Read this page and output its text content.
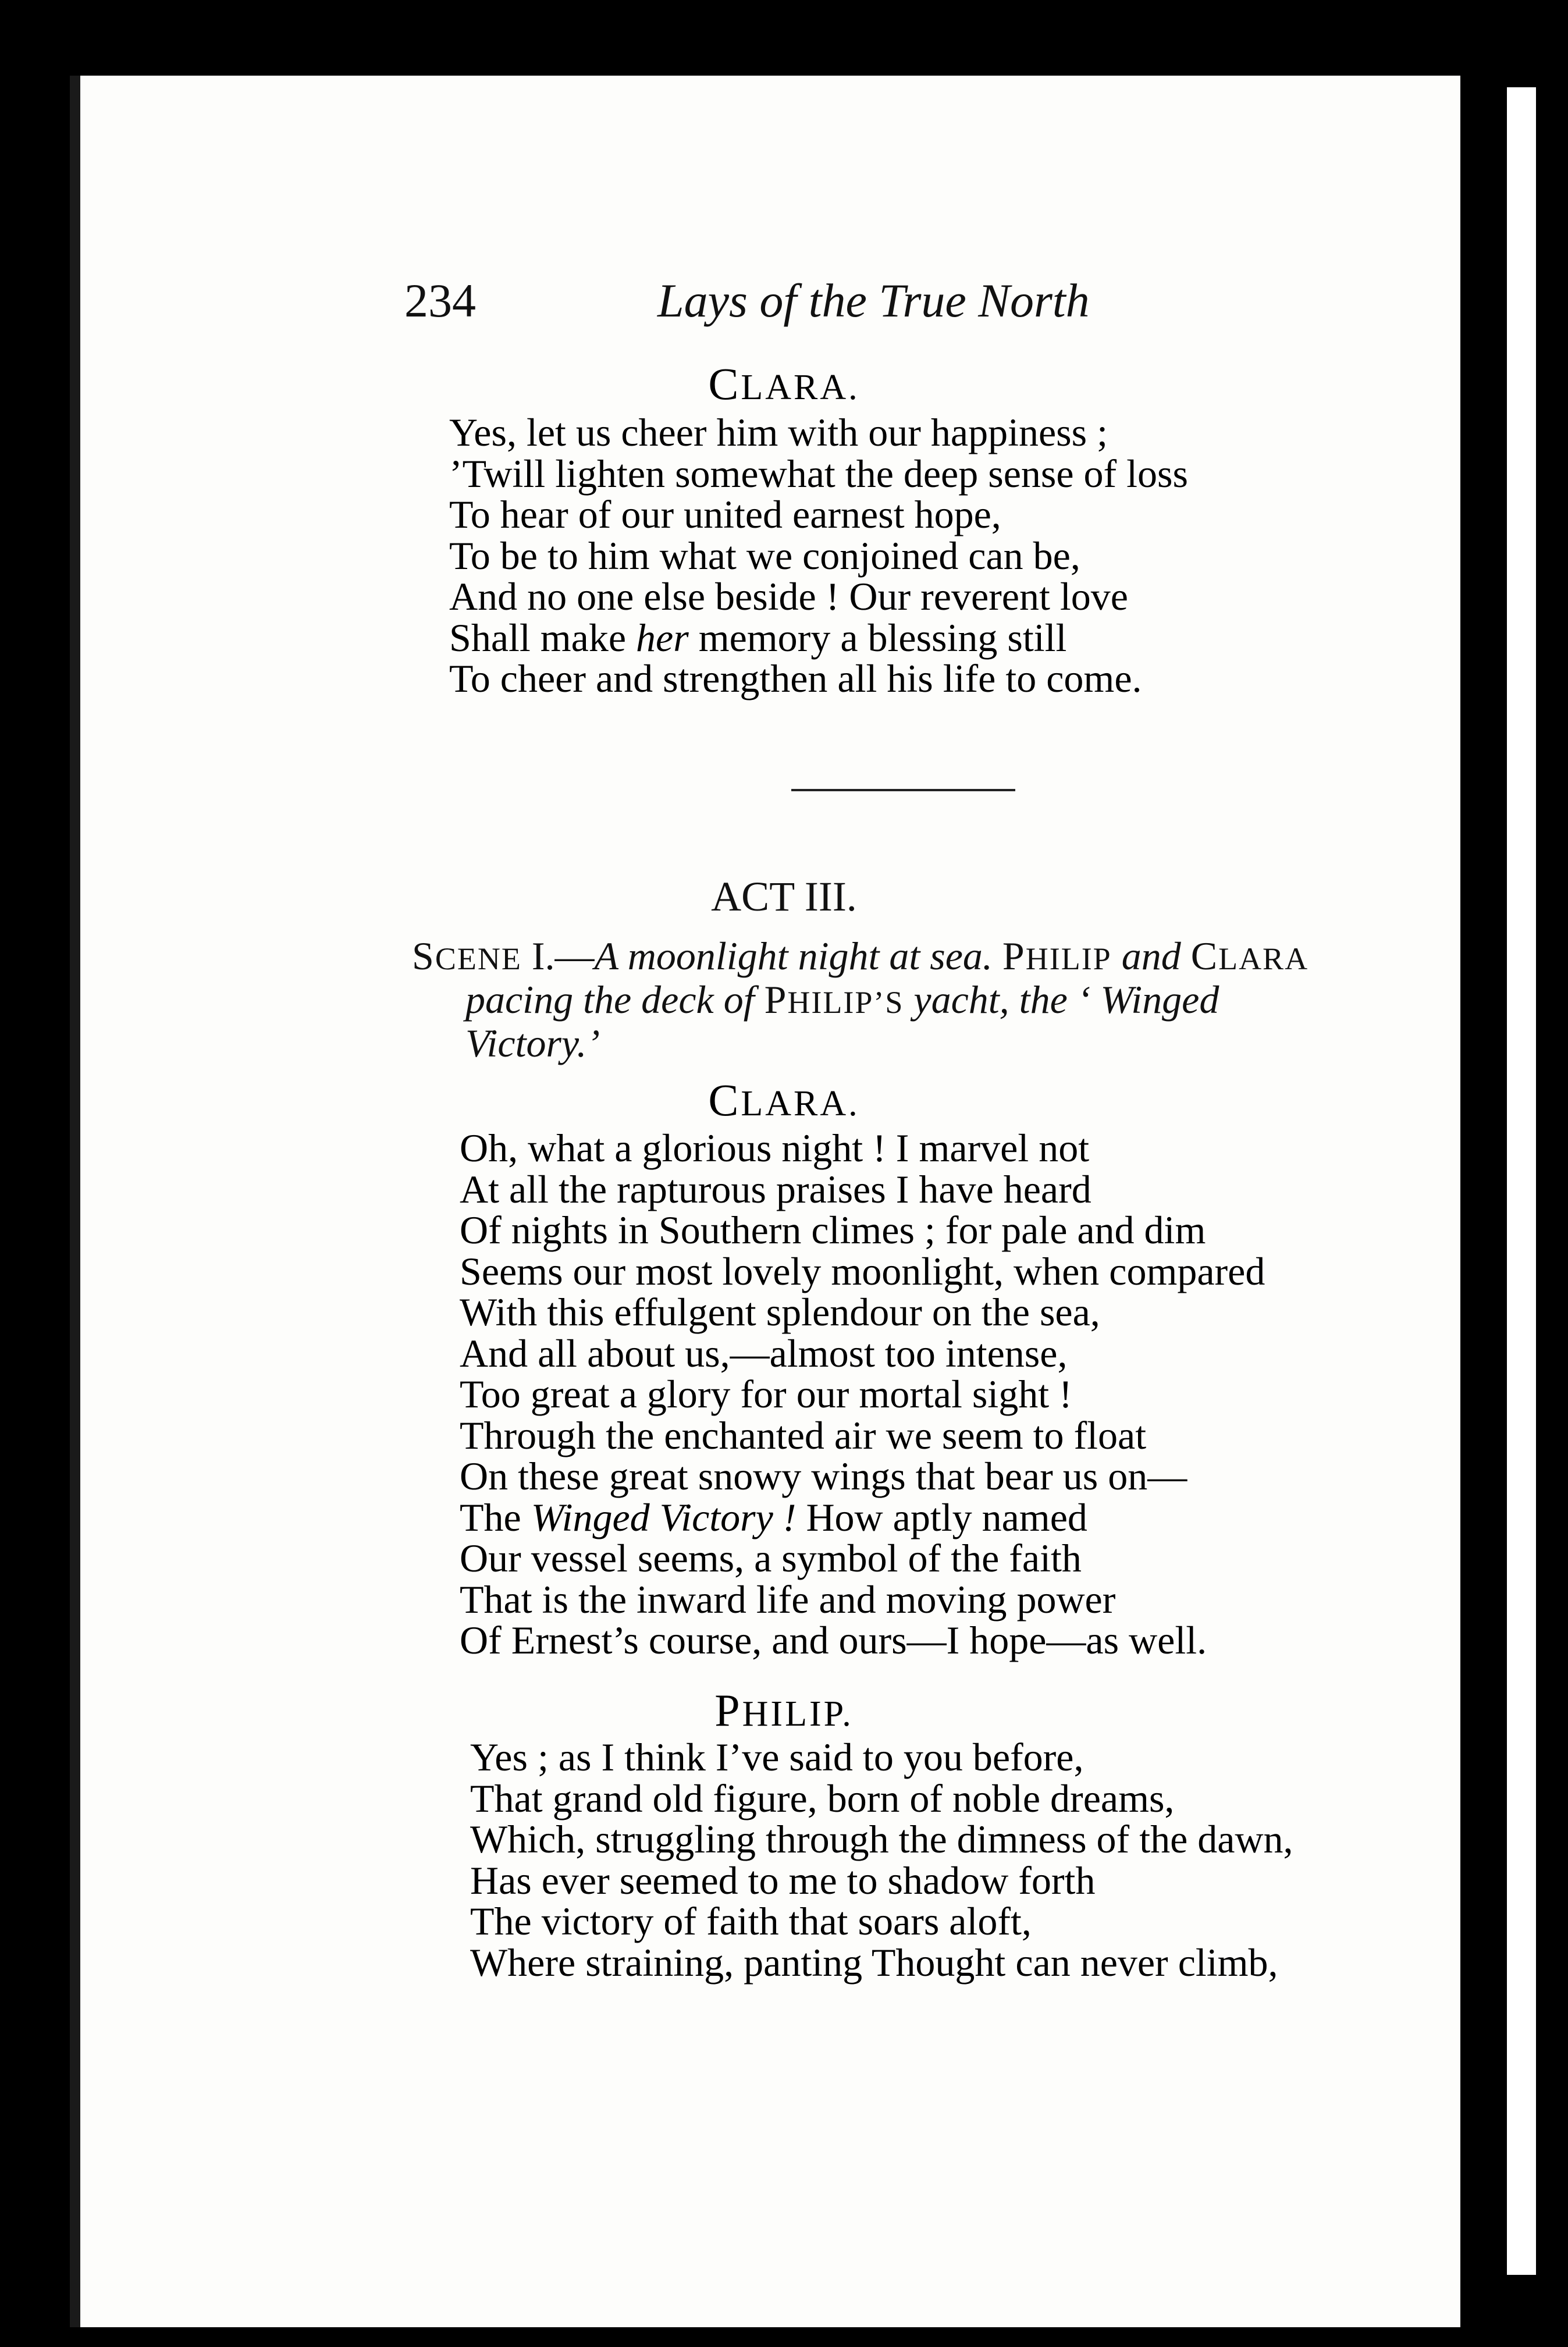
234	Lays of the True North
CLARA.
Yes, let us cheer him with our happiness ;
’Twill lighten somewhat the deep sense of loss
To hear of our united earnest hope,
To be to him what we conjoined can be,
And no one else beside ! Our reverent love
Shall make her memory a blessing still
To cheer and strengthen all his life to come.
ACT III.
SCENE I.—A moonlight night at sea. PHILIP and CLARA
pacing the deck of PHILIP’S yacht, the ‘ Winged
Victory.’
CLARA.
Oh, what a glorious night ! I marvel not
At all the rapturous praises I have heard
Of nights in Southern climes ; for pale and dim
Seems our most lovely moonlight, when compared
With this effulgent splendour on the sea,
And all about us,—almost too intense,
Too great a glory for our mortal sight !
Through the enchanted air we seem to float
On these great snowy wings that bear us on—
The Winged Victory ! How aptly named
Our vessel seems, a symbol of the faith
That is the inward life and moving power
Of Ernest’s course, and ours—I hope—as well.
PHILIP.
Yes ; as I think I’ve said to you before,
That grand old figure, born of noble dreams,
Which, struggling through the dimness of the dawn,
Has ever seemed to me to shadow forth
The victory of faith that soars aloft,
Where straining, panting Thought can never climb,
